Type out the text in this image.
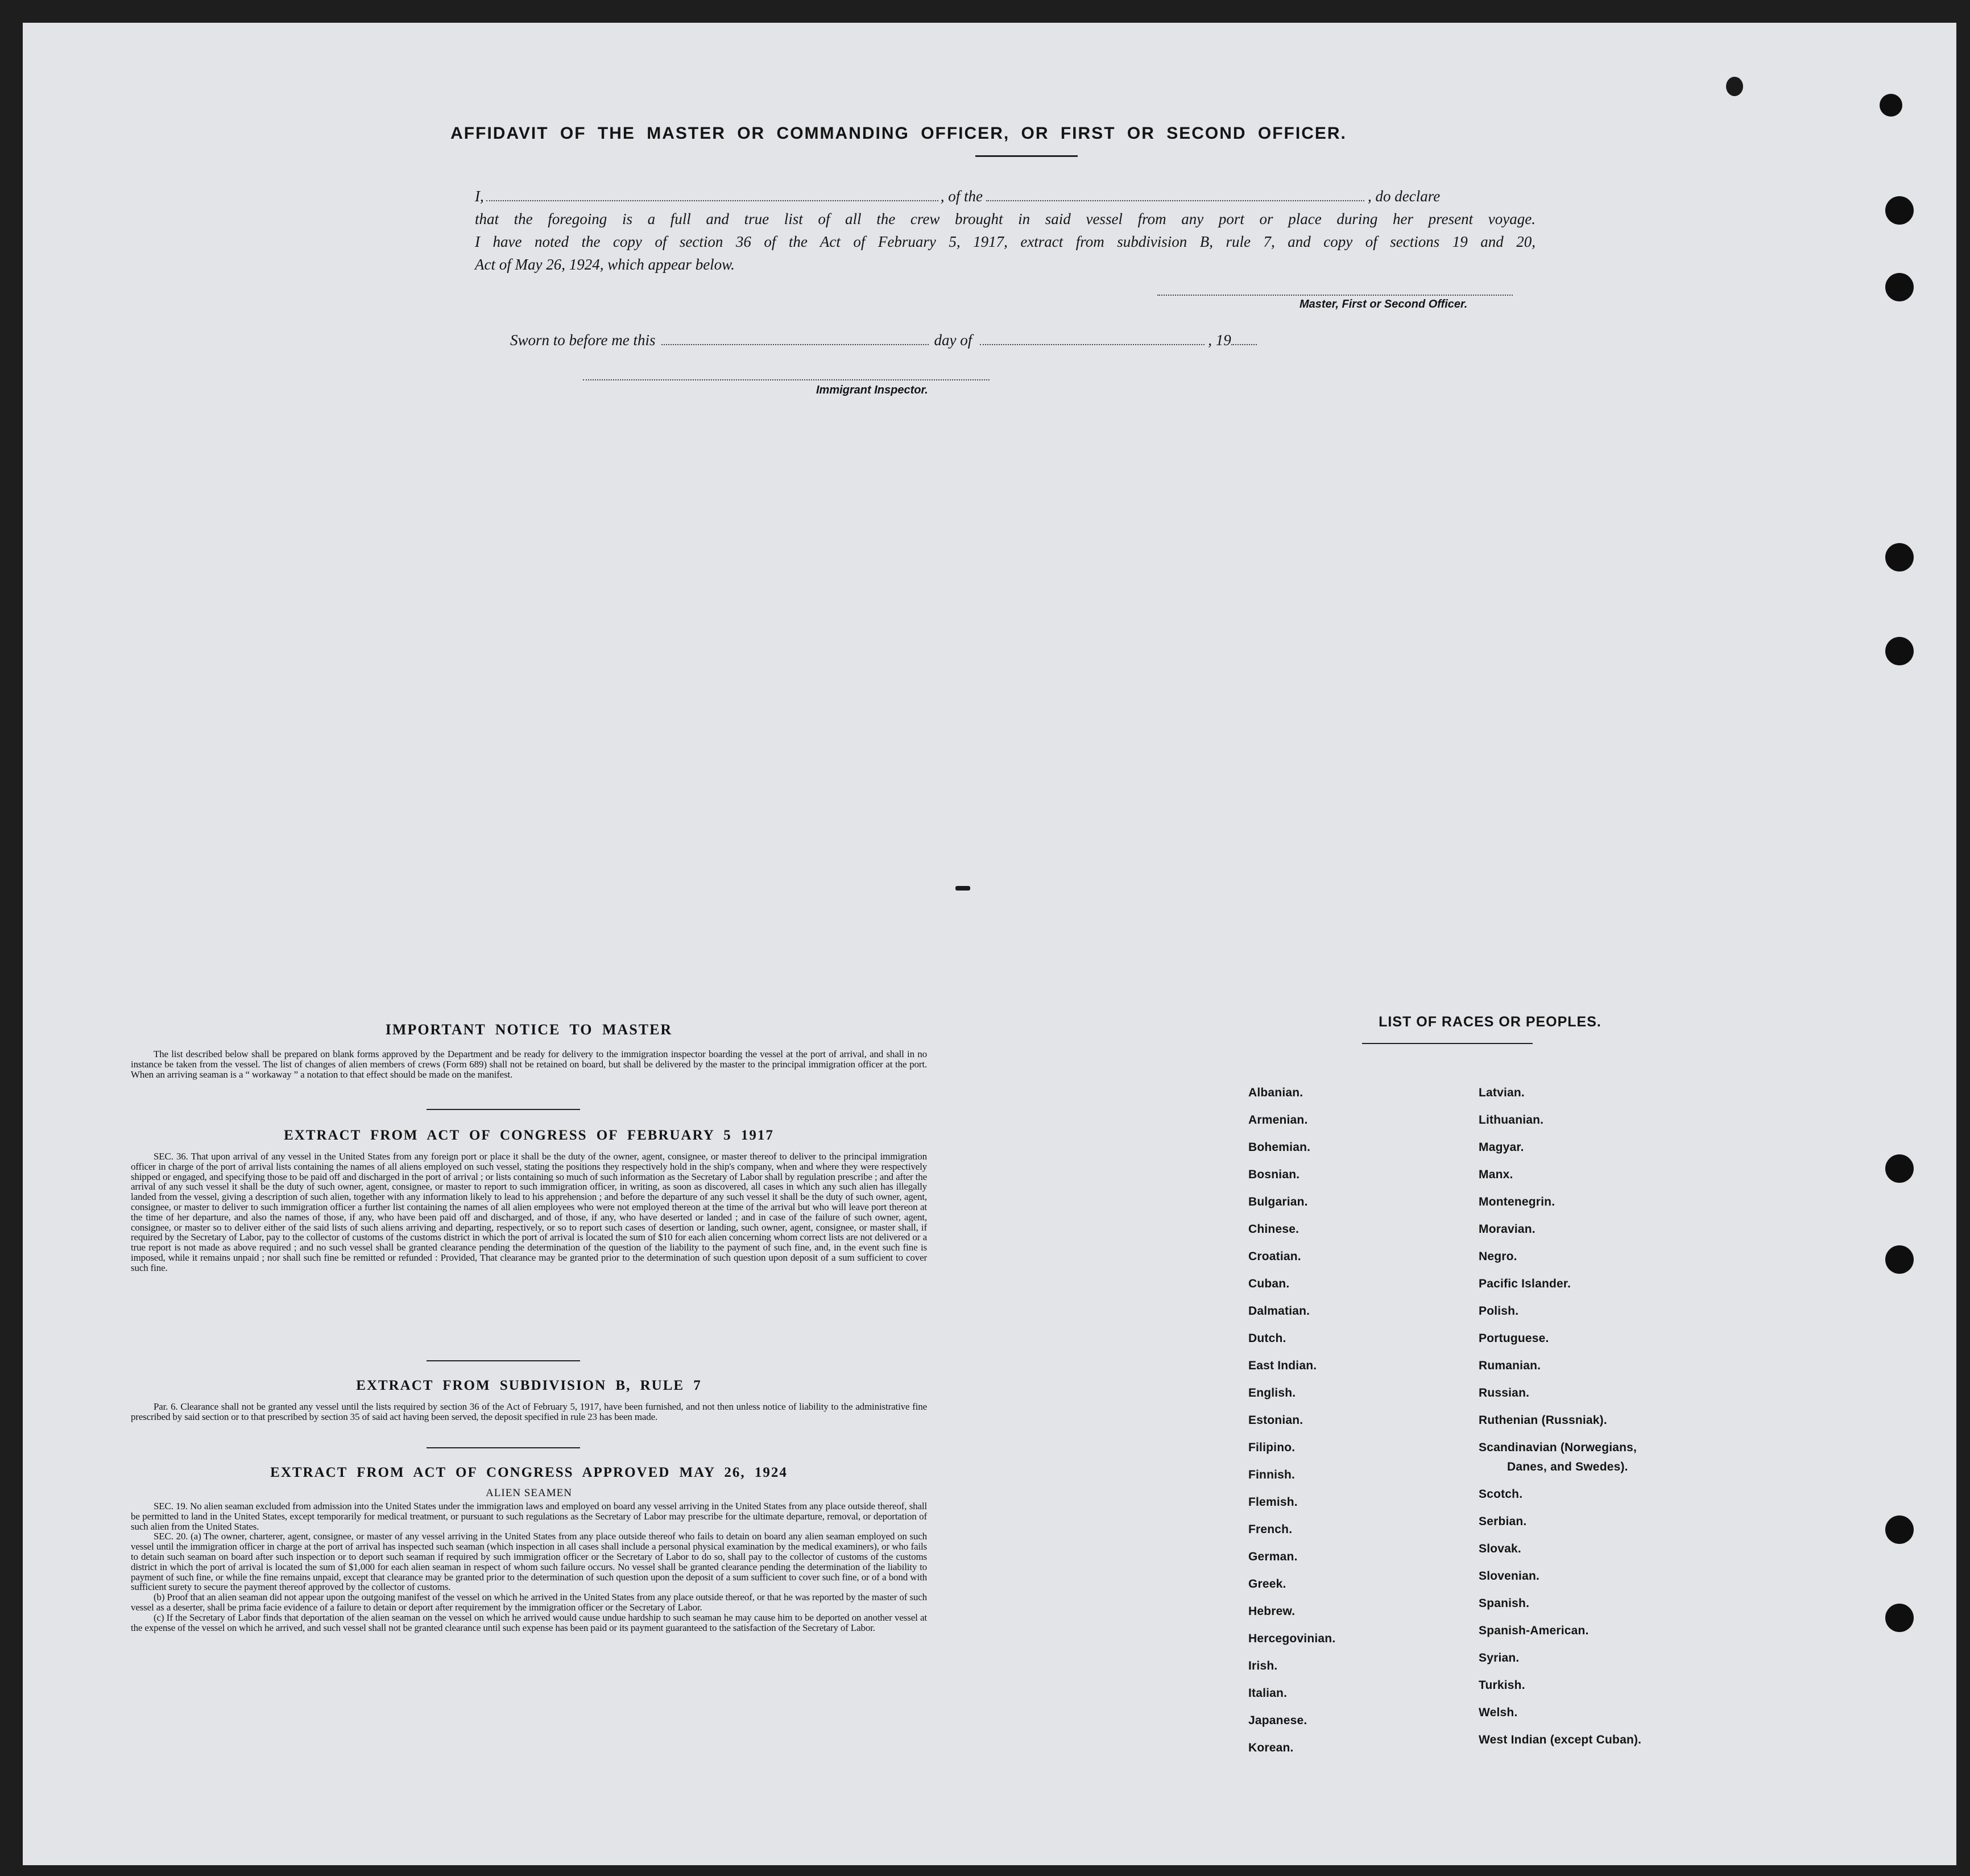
AFFIDAVIT OF THE MASTER OR COMMANDING OFFICER, OR FIRST OR SECOND OFFICER.
I,	, of the	, do declare
that the foregoing is a full and true list of all the crew brought in said vessel from any port or place during her present voyage.
I have noted the copy of section 36 of the Act of February 5, 1917, extract from subdivision B, rule 7, and copy of sections 19 and 20,
Act of May 26, 1924, which appear below.
Master, First or Second Officer.
Sworn to before me this	day of	, 19
Immigrant Inspector.
IMPORTANT NOTICE TO MASTER

The list described below shall be prepared on blank forms approved by the Department and be ready for delivery to the immigration inspector boarding the vessel at the port of arrival, and shall in no instance be taken from the vessel. The list of changes of alien members of crews (Form 689) shall not be retained on board, but shall be delivered by the master to the principal immigration officer at the port. When an arriving seaman is a “ workaway ” a notation to that effect should be made on the manifest.

EXTRACT FROM ACT OF CONGRESS OF FEBRUARY 5 1917

SEC. 36. That upon arrival of any vessel in the United States from any foreign port or place it shall be the duty of the owner, agent, consignee, or master thereof to deliver to the principal immigration officer in charge of the port of arrival lists containing the names of all aliens employed on such vessel, stating the positions they respectively hold in the ship's company, when and where they were respectively shipped or engaged, and specifying those to be paid off and discharged in the port of arrival ; or lists containing so much of such information as the Secretary of Labor shall by regulation prescribe ; and after the arrival of any such vessel it shall be the duty of such owner, agent, consignee, or master to report to such immigration officer, in writing, as soon as discovered, all cases in which any such alien has illegally landed from the vessel, giving a description of such alien, together with any information likely to lead to his apprehension ; and before the departure of any such vessel it shall be the duty of such owner, agent, consignee, or master to deliver to such immigration officer a further list containing the names of all alien employees who were not employed thereon at the time of the arrival but who will leave port thereon at the time of her departure, and also the names of those, if any, who have been paid off and discharged, and of those, if any, who have deserted or landed ; and in case of the failure of such owner, agent, consignee, or master so to deliver either of the said lists of such aliens arriving and departing, respectively, or so to report such cases of desertion or landing, such owner, agent, consignee, or master shall, if required by the Secretary of Labor, pay to the collector of customs of the customs district in which the port of arrival is located the sum of $10 for each alien concerning whom correct lists are not delivered or a true report is not made as above required ; and no such vessel shall be granted clearance pending the determination of the question of the liability to the payment of such fine, and, in the event such fine is imposed, while it remains unpaid ; nor shall such fine be remitted or refunded : Provided, That clearance may be granted prior to the determination of such question upon deposit of a sum sufficient to cover such fine.

EXTRACT FROM SUBDIVISION B, RULE 7

Par. 6. Clearance shall not be granted any vessel until the lists required by section 36 of the Act of February 5, 1917, have been furnished, and not then unless notice of liability to the administrative fine prescribed by said section or to that prescribed by section 35 of said act having been served, the deposit specified in rule 23 has been made.

EXTRACT FROM ACT OF CONGRESS APPROVED MAY 26, 1924
ALIEN SEAMEN

SEC. 19. No alien seaman excluded from admission into the United States under the immigration laws and employed on board any vessel arriving in the United States from any place outside thereof, shall be permitted to land in the United States, except temporarily for medical treatment, or pursuant to such regulations as the Secretary of Labor may prescribe for the ultimate departure, removal, or deportation of such alien from the United States.

SEC. 20. (a) The owner, charterer, agent, consignee, or master of any vessel arriving in the United States from any place outside thereof who fails to detain on board any alien seaman employed on such vessel until the immigration officer in charge at the port of arrival has inspected such seaman (which inspection in all cases shall include a personal physical examination by the medical examiners), or who fails to detain such seaman on board after such inspection or to deport such seaman if required by such immigration officer or the Secretary of Labor to do so, shall pay to the collector of customs of the customs district in which the port of arrival is located the sum of $1,000 for each alien seaman in respect of whom such failure occurs. No vessel shall be granted clearance pending the determination of the liability to payment of such fine, or while the fine remains unpaid, except that clearance may be granted prior to the determination of such question upon the deposit of a sum sufficient to cover such fine, or of a bond with sufficient surety to secure the payment thereof approved by the collector of customs.

(b) Proof that an alien seaman did not appear upon the outgoing manifest of the vessel on which he arrived in the United States from any place outside thereof, or that he was reported by the master of such vessel as a deserter, shall be prima facie evidence of a failure to detain or deport after requirement by the immigration officer or the Secretary of Labor.

(c) If the Secretary of Labor finds that deportation of the alien seaman on the vessel on which he arrived would cause undue hardship to such seaman he may cause him to be deported on another vessel at the expense of the vessel on which he arrived, and such vessel shall not be granted clearance until such expense has been paid or its payment guaranteed to the satisfaction of the Secretary of Labor.

LIST OF RACES OR PEOPLES.
Albanian.
Armenian.
Bohemian.
Bosnian.
Bulgarian.
Chinese.
Croatian.
Cuban.
Dalmatian.
Dutch.
East Indian.
English.
Estonian.
Filipino.
Finnish.
Flemish.
French.
German.
Greek.
Hebrew.
Hercegovinian.
Irish.
Italian.
Japanese.
Korean.
Latvian.
Lithuanian.
Magyar.
Manx.
Montenegrin.
Moravian.
Negro.
Pacific Islander.
Polish.
Portuguese.
Rumanian.
Russian.
Ruthenian (Russniak).
Scandinavian (Norwegians,
Danes, and Swedes).
Scotch.
Serbian.
Slovak.
Slovenian.
Spanish.
Spanish-American.
Syrian.
Turkish.
Welsh.
West Indian (except Cuban).
